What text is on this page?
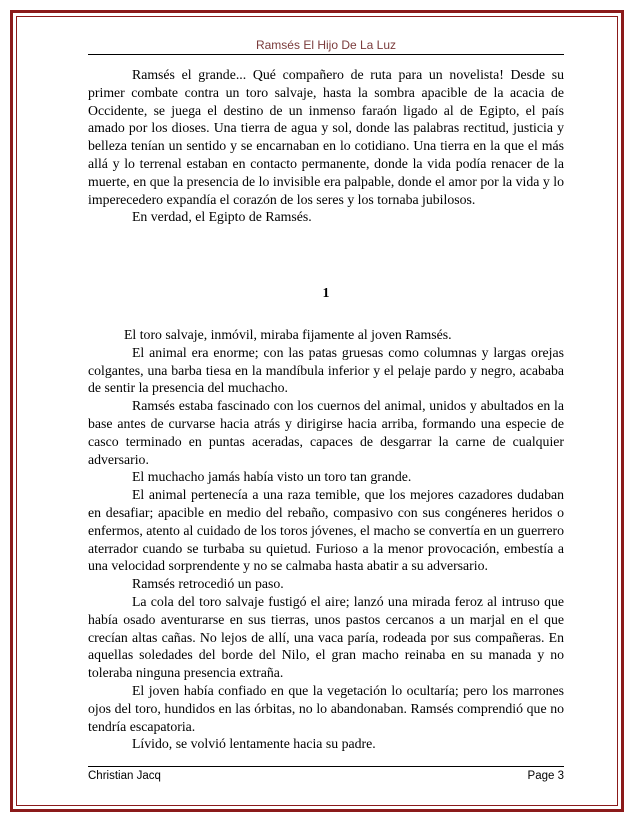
Ramsés El Hijo De La Luz

Ramsés el grande... Qué compañero de ruta para un novelista! Desde su primer combate contra un toro salvaje, hasta la sombra apacible de la acacia de Occidente, se juega el destino de un inmenso faraón ligado al de Egipto, el país amado por los dioses. Una tierra de agua y sol, donde las palabras rectitud, justicia y belleza tenían un sentido y se encarnaban en lo cotidiano. Una tierra en la que el más allá y lo terrenal estaban en contacto permanente, donde la vida podía renacer de la muerte, en que la presencia de lo invisible era palpable, donde el amor por la vida y lo imperecedero expandía el corazón de los seres y los tornaba jubilosos.

En verdad, el Egipto de Ramsés.

1

El toro salvaje, inmóvil, miraba fijamente al joven Ramsés.

El animal era enorme; con las patas gruesas como columnas y largas orejas colgantes, una barba tiesa en la mandíbula inferior y el pelaje pardo y negro, acababa de sentir la presencia del muchacho.

Ramsés estaba fascinado con los cuernos del animal, unidos y abultados en la base antes de curvarse hacia atrás y dirigirse hacia arriba, formando una especie de casco terminado en puntas aceradas, capaces de desgarrar la carne de cualquier adversario.

El muchacho jamás había visto un toro tan grande.

El animal pertenecía a una raza temible, que los mejores cazadores dudaban en desafiar; apacible en medio del rebaño, compasivo con sus congéneres heridos o enfermos, atento al cuidado de los toros jóvenes, el macho se convertía en un guerrero aterrador cuando se turbaba su quietud. Furioso a la menor provocación, embestía a una velocidad sorprendente y no se calmaba hasta abatir a su adversario.

Ramsés retrocedió un paso.

La cola del toro salvaje fustigó el aire; lanzó una mirada feroz al intruso que había osado aventurarse en sus tierras, unos pastos cercanos a un marjal en el que crecían altas cañas. No lejos de allí, una vaca paría, rodeada por sus compañeras. En aquellas soledades del borde del Nilo, el gran macho reinaba en su manada y no toleraba ninguna presencia extraña.

El joven había confiado en que la vegetación lo ocultaría; pero los marrones ojos del toro, hundidos en las órbitas, no lo abandonaban. Ramsés comprendió que no tendría escapatoria.

Lívido, se volvió lentamente hacia su padre.

Christian Jacq	Page 3
